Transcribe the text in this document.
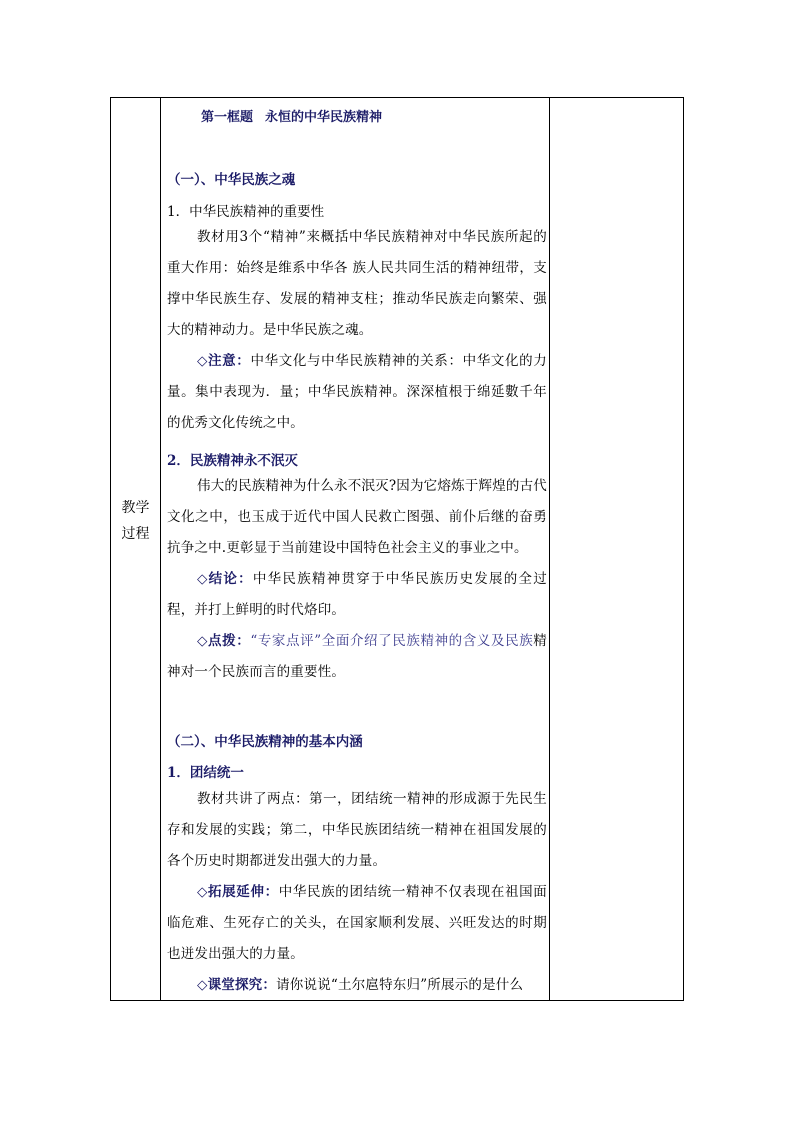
教学
过程
第一框题 永恒的中华民族精神
（一）、中华民族之魂
1．中华民族精神的重要性
教材用3个“精神”来概括中华民族精神对中华民族所起的重大作用：始终是维系中华各 族人民共同生活的精神纽带，支撑中华民族生存、发展的精神支柱；推动华民族走向繁荣、强大的精神动力。是中华民族之魂。
◇注意：中华文化与中华民族精神的关系：中华文化的力量。集中表现为．量；中华民族精神。深深植根于绵延數千年的优秀文化传统之中。
2．民族精神永不泯灭
伟大的民族精神为什么永不泯灭?因为它熔炼于辉煌的古代文化之中，也玉成于近代中国人民救亡图强、前仆后继的奋勇抗争之中.更彰显于当前建设中国特色社会主义的事业之中。
◇结论：中华民族精神贯穿于中华民族历史发展的全过程，并打上鲜明的时代烙印。
◇点拨：“专家点评”全面介绍了民族精神的含义及民族精神对一个民族而言的重要性。
（二）、中华民族精神的基本内涵
1．团结统一
教材共讲了两点：第一，团结统一精神的形成源于先民生存和发展的实践；第二，中华民族团结统一精神在祖国发展的各个历史时期都迸发出强大的力量。
◇拓展延伸：中华民族的团结统一精神不仅表现在祖国面临危难、生死存亡的关头，在国家顺利发展、兴旺发达的时期也迸发出强大的力量。
◇课堂探究：请你说说“土尔扈特东归”所展示的是什么
